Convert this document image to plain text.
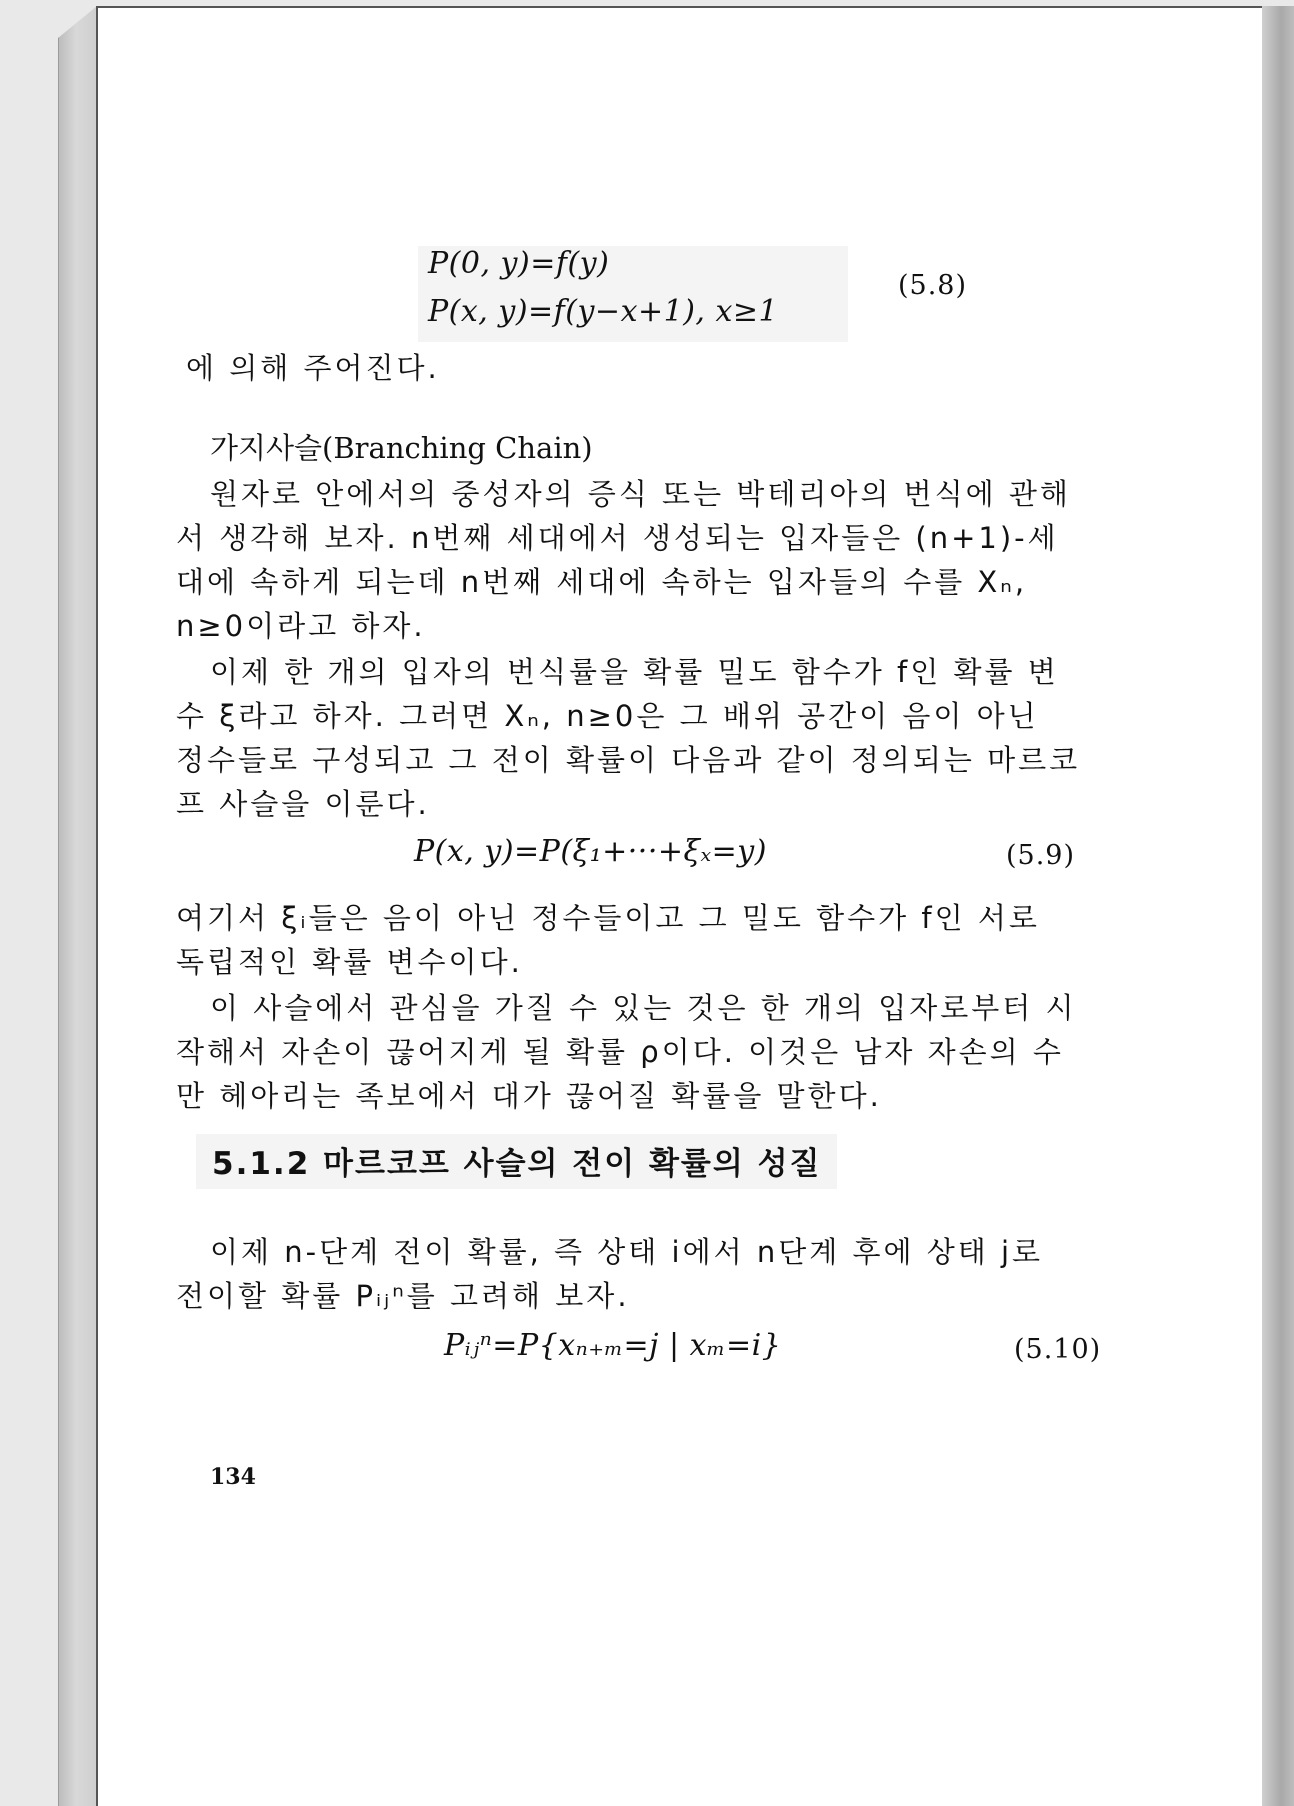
P(0, y)=f(y)
P(x, y)=f(y−x+1), x≥1
(5.8)
에 의해 주어진다.
가지사슬(Branching Chain)
원자로 안에서의 중성자의 증식 또는 박테리아의 번식에 관해
서 생각해 보자. n번째 세대에서 생성되는 입자들은 (n+1)-세
대에 속하게 되는데 n번째 세대에 속하는 입자들의 수를 Xₙ,
n≥0이라고 하자.
이제 한 개의 입자의 번식률을 확률 밀도 함수가 f인 확률 변
수 ξ라고 하자. 그러면 Xₙ, n≥0은 그 배위 공간이 음이 아닌
정수들로 구성되고 그 전이 확률이 다음과 같이 정의되는 마르코
프 사슬을 이룬다.
P(x, y)=P(ξ₁+···+ξₓ=y)	(5.9)
여기서 ξᵢ들은 음이 아닌 정수들이고 그 밀도 함수가 f인 서로
독립적인 확률 변수이다.
이 사슬에서 관심을 가질 수 있는 것은 한 개의 입자로부터 시
작해서 자손이 끊어지게 될 확률 ρ이다. 이것은 남자 자손의 수
만 헤아리는 족보에서 대가 끊어질 확률을 말한다.
5.1.2 마르코프 사슬의 전이 확률의 성질
이제 n-단계 전이 확률, 즉 상태 i에서 n단계 후에 상태 j로
전이할 확률 Pᵢⱼⁿ를 고려해 보자.
Pᵢⱼⁿ=P{xₙ₊ₘ=j | xₘ=i}	(5.10)
134
